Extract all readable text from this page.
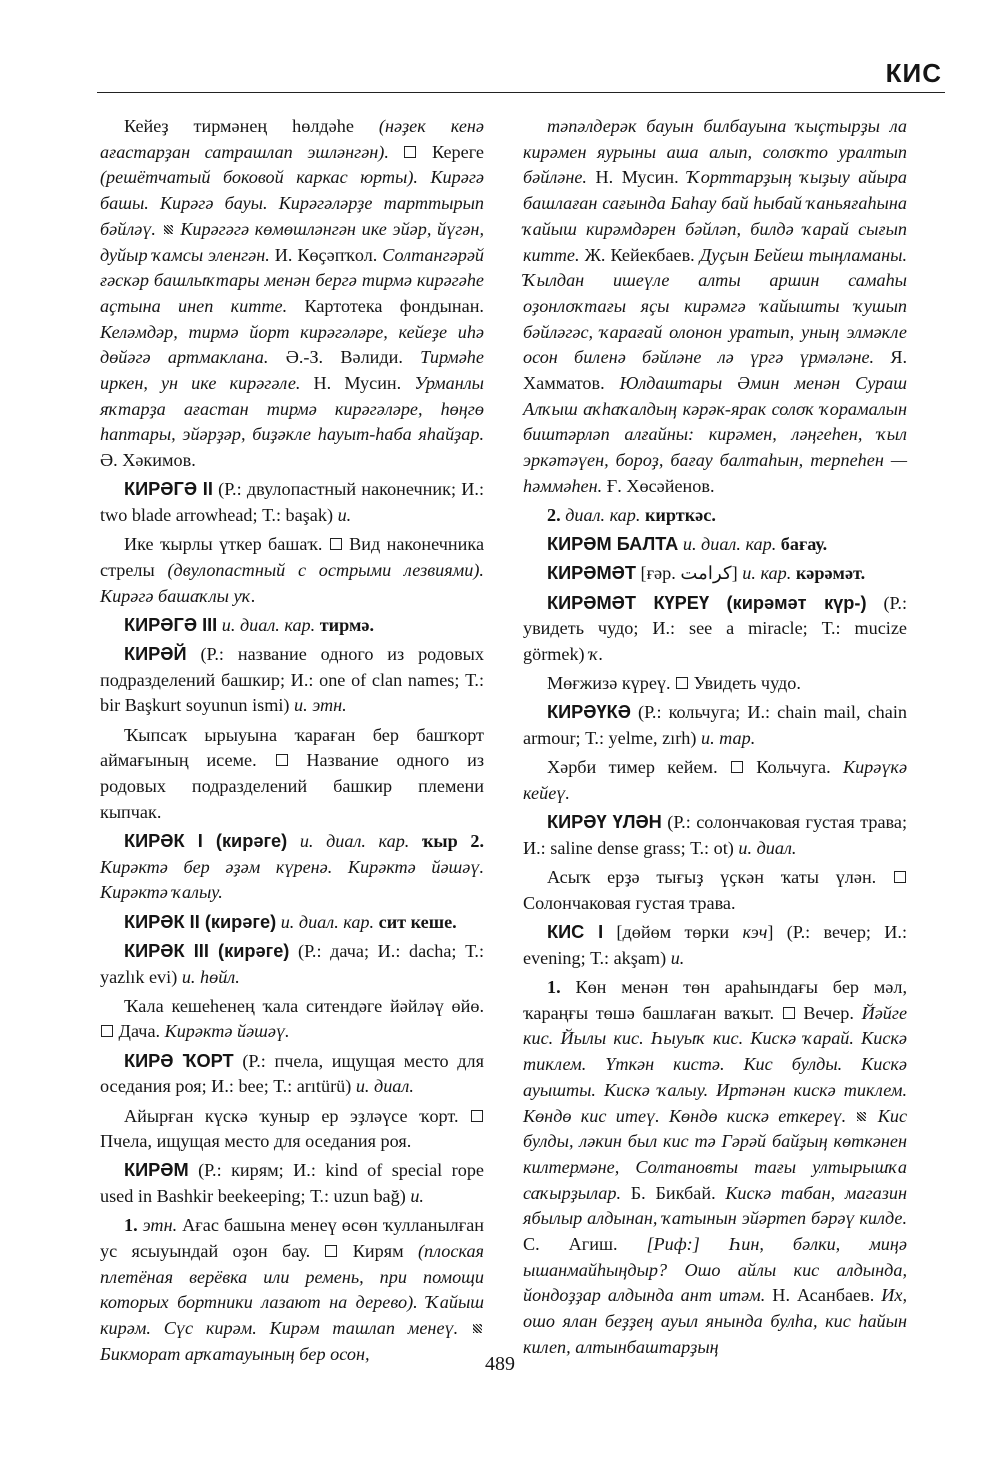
КИС

Кейеҙ тирмәнең һөлдәһе (нәҙек кенә ағастарҙан сатрашлап эшләнгән).  Кереге (решётчатый боковой каркас юрты). Кирәгә башы. Кирәгә бауы. Кирәгәләрҙе тарттырып бәйләү. Кирәгәгә көмөшләнгән ике эйәр, йүгән, дуйыр ҡамсы эленгән. И. Көҫәпҡол. Солтангәрәй ғәскәр башлыҡтары менән бергә тирмә кирәгәһе аҫтына инеп китте. Картотека фондынан. Келәмдәр, тирмә йорт кирәгәләре, кейеҙе иһә дөйәгә артмаклана. Ә.-З. Вәлиди. Тирмәһе иркен, ун ике кирәгәле. Н. Мусин. Урманлы яҡтарҙа ағастан тирмә кирәгәләре, һөңгө һаптары, эйәрҙәр, биҙәкле һауыт-һаба яһайҙар. Ә. Хәкимов.

КИРӘГӘ II (Р.: двулопастный наконечник; И.: two blade arrowhead; Т.: başak) и.

Ике ҡырлы үткер башаҡ.  Вид наконечника стрелы (двулопастный с острыми лезвиями). Кирәгә башаҡлы уҡ.

КИРӘГӘ III и. диал. кар. тирмә.

КИРӘЙ (Р.: название одного из родовых подразделений башкир; И.: one of clan names; Т.: bir Başkurt soyunun ismi) и. этн.

Ҡыпсаҡ ырыуына ҡараған бер башҡорт аймағының исеме.	Название одного из родовых подразделений башкир племени кыпчак.

КИРӘК I (кирәге) и. диал. кар. ҡыр 2. Кирәктә бер әҙәм күренә. Кирәктә йәшәү. Кирәктә ҡалыу.

КИРӘК II (кирәге) и. диал. кар. сит кеше.

КИРӘК III (кирәге) (Р.: дача; И.: dacha; Т.: yazlık evi) и. һөйл.

Ҡала кешеһенең ҡала ситендәге йәйләү өйө.  Дача. Кирәктә йәшәү.

КИРӘ ҠОРТ (Р.: пчела, ищущая место для оседания роя; И.: bee; Т.: arıtürü) и. диал.

Айырған күскә ҡуныр ер эҙләүсе ҡорт.  Пчела, ищущая место для оседания роя.

КИРӘМ (Р.: кирям; И.: kind of special rope used in Bashkir beekeeping; Т.: uzun bağ) и.

1. этн. Ағас башына менеү өсөн ҡулланылған ус ясыуындай оҙон бау.  Кирям (плоская плетёная верёвка или ремень, при помощи которых бортники лазают на дерево). Ҡайыш кирәм. Сүс кирәм. Кирәм ташлап менеү.  Бикморат арҡатауының бер осон,

тәпәлдерәк бауын билбауына ҡыҫтырҙы ла кирәмен яурыны аша алып, солоҡто уралтып бәйләне. Н. Мусин. Ҡорттарҙың ҡыҙыу айыра башлаған сағында Баһау бай һыбай ҡаньяғаһына ҡайыш кирәмдәрен бәйләп, билдә ҡарай сығып китте. Ж. Кейекбаев. Дуҫын Бейеш тыңламаны. Ҡылдан ишеүле алты аршин самаһы оҙонлоҡтағы яҫы кирәмгә ҡайышты ҡушып бәйләгәс, ҡарағай олонон уратып, уның элмәкле осон биленә бәйләне лә үргә үрмәләне. Я. Хамматов. Юлдаштары Әмин менән Сураш Алҡыш аҡһаҡалдың кәрәк-ярак солоҡ ҡорамалын биштәрләп алғайны: кирәмен, ләңгеһен, ҡыл эркәтәүен, бороҙ, бағау балтаһын, терпеһен — һәммәһен. Ғ. Хөсәйенов.

2. диал. кар. кирткәс.

КИРӘМ БАЛТА и. диал. кар. бағау.

КИРӘМӘТ [ғәр. كرامت] и. кар. кәрәмәт.

КИРӘМӘТ КҮРЕҮ (кирәмәт күр-) (Р.: увидеть чудо; И.: see a miracle; Т.: mucize görmek) ҡ.

Мөғжизә күреү.  Увидеть чудо.

КИРӘҮКӘ (Р.: кольчуга; И.: chain mail, chain armour; Т.: yelme, zırh) и. тар.

Хәрби тимер кейем.  Кольчуга. Кирәүкә кейеү.

КИРӘҮ ҮЛӘН (Р.: солончаковая густая трава; И.: saline dense grass; Т.: ot) и. диал.

Асыҡ ерҙә тығыҙ үҫкән ҡаты үлән.  Солончаковая густая трава.

КИС I [дөйөм төрки кэч] (Р.: вечер; И.: evening; Т.: akşam) и.

1. Көн менән төн араһындағы бер мәл, ҡараңғы төшә башлаған ваҡыт.  Вечер. Йәйге кис. Йылы кис. Һыуыҡ кис. Кискә ҡарай. Кискә тиклем. Үткән кистә. Кис булды. Кискә ауышты. Кискә ҡалыу. Иртәнән кискә тиклем. Көндө кис итеү. Көндө кискә еткереү. Кис булды, ләкин был кис тә Гәрәй байҙың көткәнен килтермәне, Солтановты тағы ултырышҡа саҡырҙылар. Б. Бикбай. Кискә табан, магазин ябылыр алдынан, ҡатынын эйәртеп бәрәү килде. С. Агиш. [Риф:] Һин, бәлки, миңә ышанмайһыңдыр? Ошо айлы кис алдында, йондоҙҙар алдында ант итәм. Н. Асанбаев. Их, ошо ялан беҙҙең ауыл янында булһа, кис һайын килеп, алтынбаштарҙың

489
